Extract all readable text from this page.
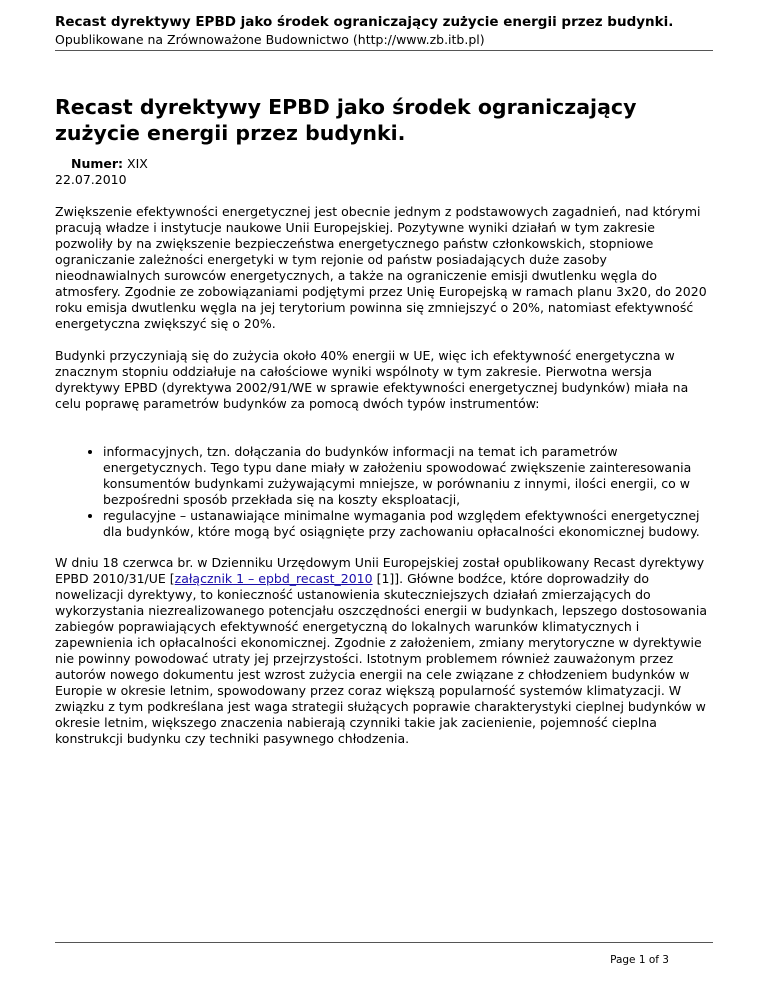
Recast dyrektywy EPBD jako środek ograniczający zużycie energii przez budynki.
Opublikowane na Zrównoważone Budownictwo (http://www.zb.itb.pl)
Recast dyrektywy EPBD jako środek ograniczający zużycie energii przez budynki.
Numer: XIX
22.07.2010

Zwiększenie efektywności energetycznej jest obecnie jednym z podstawowych zagadnień, nad którymi pracują władze i instytucje naukowe Unii Europejskiej. Pozytywne wyniki działań w tym zakresie pozwoliły by na zwiększenie bezpieczeństwa energetycznego państw członkowskich, stopniowe ograniczanie zależności energetyki w tym rejonie od państw posiadających duże zasoby nieodnawialnych surowców energetycznych, a także na ograniczenie emisji dwutlenku węgla do atmosfery. Zgodnie ze zobowiązaniami podjętymi przez Unię Europejską w ramach planu 3x20, do 2020 roku emisja dwutlenku węgla na jej terytorium powinna się zmniejszyć o 20%, natomiast efektywność energetyczna zwiększyć się o 20%.

Budynki przyczyniają się do zużycia około 40% energii w UE, więc ich efektywność energetyczna w znacznym stopniu oddziałuje na całościowe wyniki wspólnoty w tym zakresie. Pierwotna wersja dyrektywy EPBD (dyrektywa 2002/91/WE w sprawie efektywności energetycznej budynków) miała na celu poprawę parametrów budynków za pomocą dwóch typów instrumentów:

• informacyjnych, tzn. dołączania do budynków informacji na temat ich parametrów energetycznych. Tego typu dane miały w założeniu spowodować zwiększenie zainteresowania konsumentów budynkami zużywającymi mniejsze, w porównaniu z innymi, ilości energii, co w bezpośredni sposób przekłada się na koszty eksploatacji,
• regulacyjne – ustanawiające minimalne wymagania pod względem efektywności energetycznej dla budynków, które mogą być osiągnięte przy zachowaniu opłacalności ekonomicznej budowy.

W dniu 18 czerwca br. w Dzienniku Urzędowym Unii Europejskiej został opublikowany Recast dyrektywy EPBD 2010/31/UE [załącznik 1 – epbd_recast_2010 [1]]. Główne bodźce, które doprowadziły do nowelizacji dyrektywy, to konieczność ustanowienia skuteczniejszych działań zmierzających do wykorzystania niezrealizowanego potencjału oszczędności energii w budynkach, lepszego dostosowania zabiegów poprawiających efektywność energetyczną do lokalnych warunków klimatycznych i zapewnienia ich opłacalności ekonomicznej. Zgodnie z założeniem, zmiany merytoryczne w dyrektywie nie powinny powodować utraty jej przejrzystości. Istotnym problemem również zauważonym przez autorów nowego dokumentu jest wzrost zużycia energii na cele związane z chłodzeniem budynków w Europie w okresie letnim, spowodowany przez coraz większą popularność systemów klimatyzacji. W związku z tym podkreślana jest waga strategii służących poprawie charakterystyki cieplnej budynków w okresie letnim, większego znaczenia nabierają czynniki takie jak zacienienie, pojemność cieplna konstrukcji budynku czy techniki pasywnego chłodzenia.

Page 1 of 3
